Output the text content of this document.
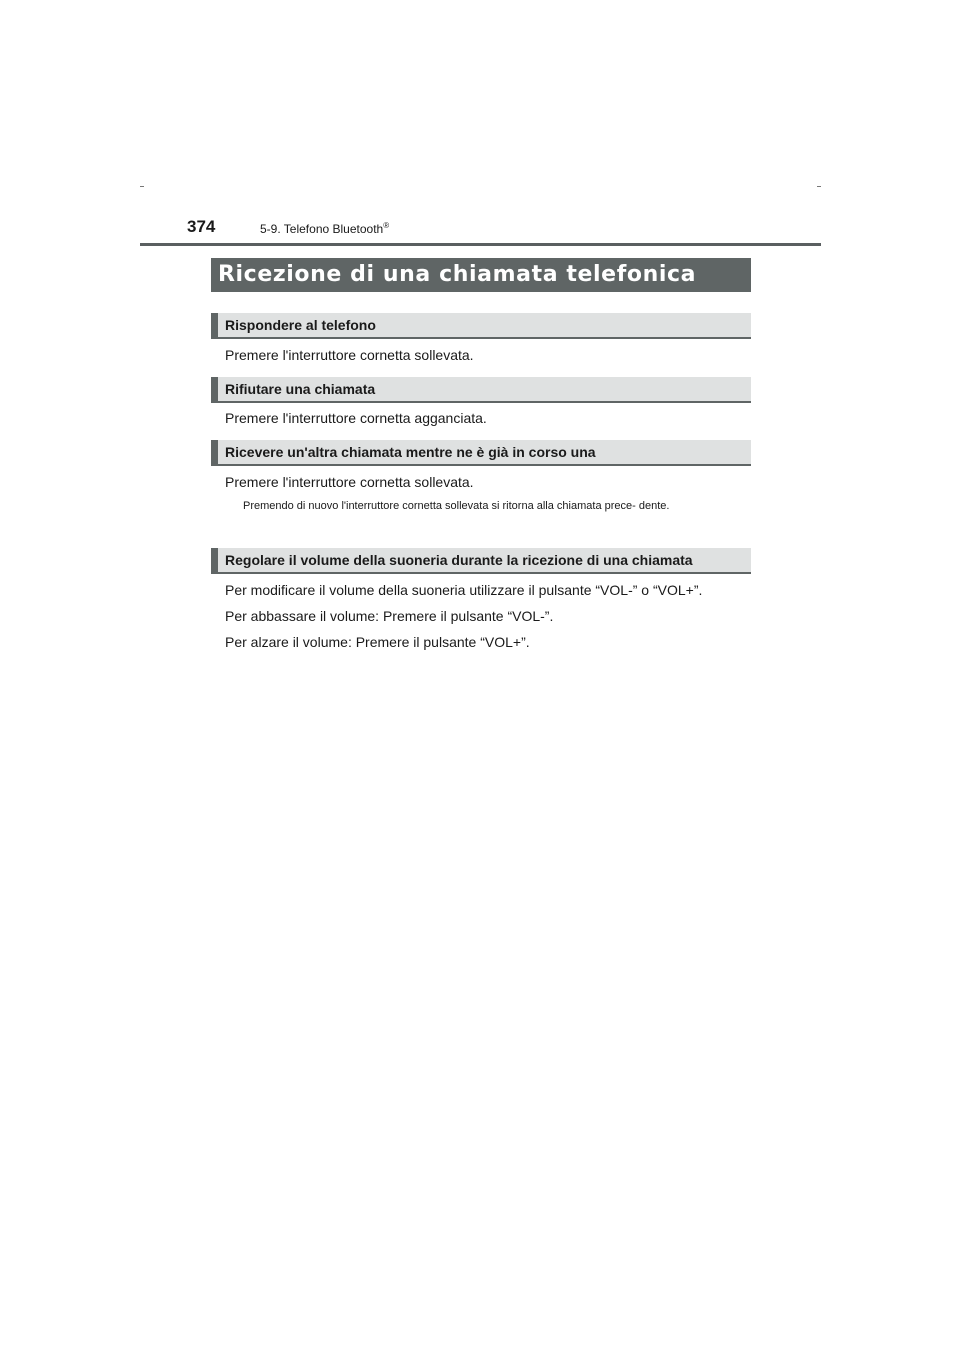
374	5-9. Telefono Bluetooth®
Ricezione di una chiamata telefonica
Rispondere al telefono
Premere l'interruttore cornetta sollevata.
Rifiutare una chiamata
Premere l'interruttore cornetta agganciata.
Ricevere un'altra chiamata mentre ne è già in corso una
Premere l'interruttore cornetta sollevata.
Premendo di nuovo l'interruttore cornetta sollevata si ritorna alla chiamata prece- dente.
Regolare il volume della suoneria durante la ricezione di una chiamata
Per modificare il volume della suoneria utilizzare il pulsante “VOL-” o “VOL+”.
Per abbassare il volume: Premere il pulsante “VOL-”.
Per alzare il volume: Premere il pulsante “VOL+”.
